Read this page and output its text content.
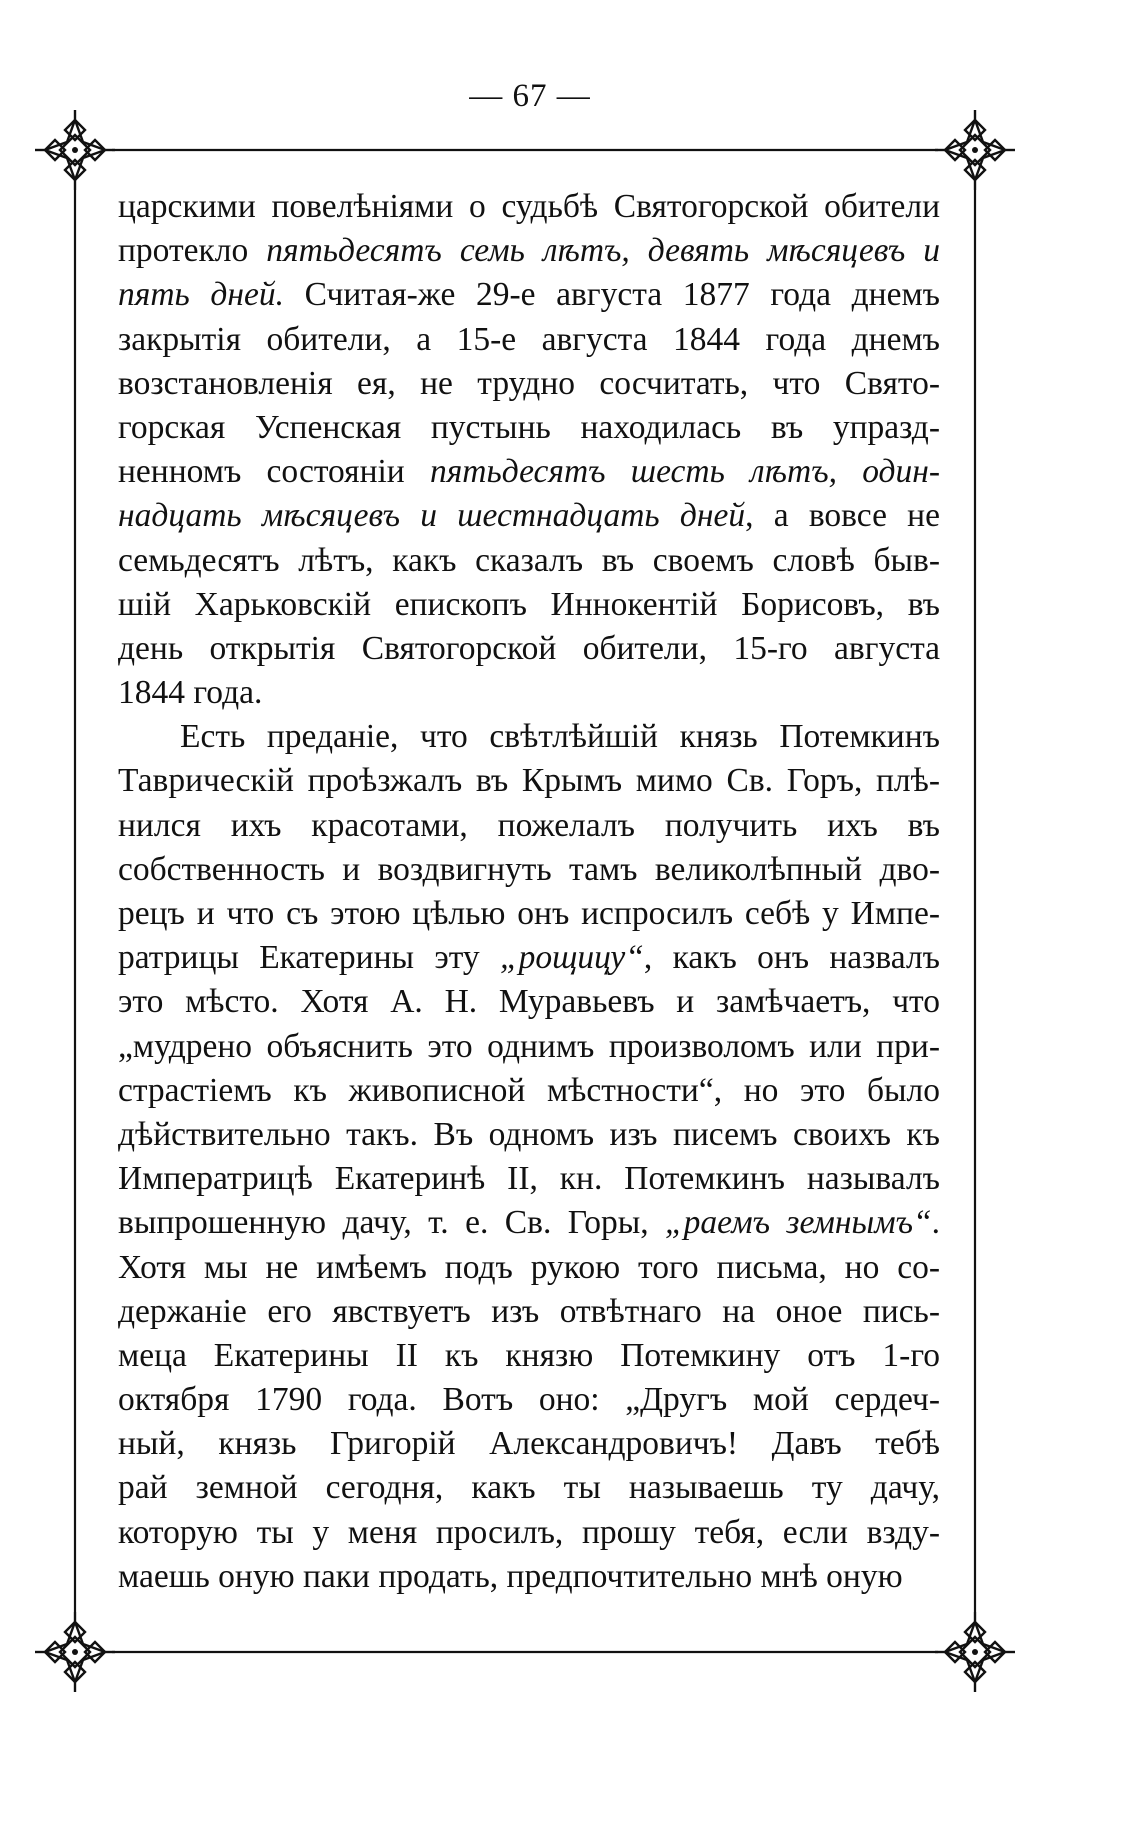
— 67 —
царскими повелѣніями о судьбѣ Святогорской обители
протекло пятьдесятъ семь лѣтъ, девять мѣсяцевъ и
пять дней. Считая-же 29-е августа 1877 года днемъ
закрытія обители, а 15-е августа 1844 года днемъ
возстановленія ея, не трудно сосчитать, что Свято-
горская Успенская пустынь находилась въ упразд-
ненномъ состояніи пятьдесятъ шесть лѣтъ, один-
надцать мѣсяцевъ и шестнадцать дней, а вовсе не
семьдесятъ лѣтъ, какъ сказалъ въ своемъ словѣ быв-
шій Харьковскій епископъ Иннокентій Борисовъ, въ
день открытія Святогорской обители, 15-го августа
1844 года.
Есть преданіе, что свѣтлѣйшій князь Потемкинъ
Таврическій проѣзжалъ въ Крымъ мимо Св. Горъ, плѣ-
нился ихъ красотами, пожелалъ получить ихъ въ
собственность и воздвигнуть тамъ великолѣпный дво-
рецъ и что съ этою цѣлью онъ испросилъ себѣ у Импе-
ратрицы Екатерины эту „рощицу“, какъ онъ назвалъ
это мѣсто. Хотя А. Н. Муравьевъ и замѣчаетъ, что
„мудрено объяснить это однимъ произволомъ или при-
страстіемъ къ живописной мѣстности“, но это было
дѣйствительно такъ. Въ одномъ изъ писемъ своихъ къ
Императрицѣ Екатеринѣ II, кн. Потемкинъ называлъ
выпрошенную дачу, т. е. Св. Горы, „раемъ земнымъ“.
Хотя мы не имѣемъ подъ рукою того письма, но со-
держаніе его явствуетъ изъ отвѣтнаго на оное пись-
меца Екатерины II къ князю Потемкину отъ 1-го
октября 1790 года. Вотъ оно: „Другъ мой сердеч-
ный, князь Григорій Александровичъ! Давъ тебѣ
рай земной сегодня, какъ ты называешь ту дачу,
которую ты у меня просилъ, прошу тебя, если взду-
маешь оную паки продать, предпочтительно мнѣ оную
